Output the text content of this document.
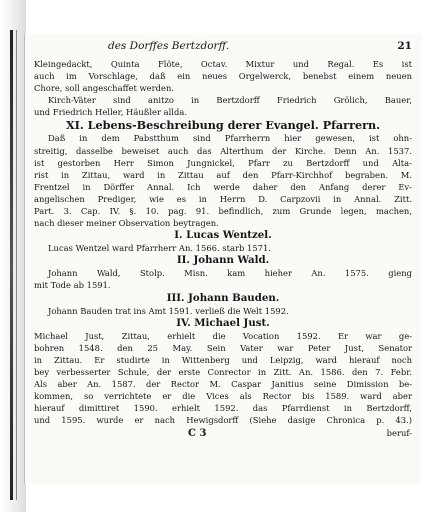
des Dorffes Bertzdorff.	21
Kleingedackt, Quinta Flöte, Octav. Mixtur und Regal. Es ist
auch im Vorschlage, daß ein neues Orgelwerck, benebst einem neuen
Chore, soll angeschaffet werden.
Kirch-Väter sind anitzo in Bertzdorff Friedrich Grölich, Bauer,
und Friedrich Heller, Häußler allda.
XI. Lebens-Beschreibung derer Evangel. Pfarrern.
Daß in dem Pabstthum sind Pfarrherrn hier gewesen, ist ohn-
streitig, dasselbe beweiset auch das Alterthum der Kirche. Denn An. 1537.
ist gestorben Herr Simon Jungnickel, Pfarr zu Bertzdorff und Alta-
rist in Zittau, ward in Zittau auf den Pfarr-Kirchhof begraben. M.
Frentzel in Dörffer Annal. Ich werde daher den Anfang derer Ev-
angelischen Prediger, wie es in Herrn D. Carpzovii in Annal. Zitt.
Part. 3. Cap. IV. §. 10. pag. 91. befindlich, zum Grunde legen, machen,
nach dieser meiner Observation beytragen.
I. Lucas Wentzel.
Lucas Wentzel ward Pfarrherr An. 1566. starb 1571.
II. Johann Wald.
Johann Wald, Stolp. Misn. kam hieher An. 1575. gieng
mit Tode ab 1591.
III. Johann Bauden.
Johann Bauden trat ins Amt 1591. verließ die Welt 1592.
IV. Michael Just.
Michael Just, Zittau, erhielt die Vocation 1592. Er war ge-
bohren 1548. den 25 May. Sein Vater war Peter Just, Senator
in Zittau. Er studirte in Wittenberg und Leipzig, ward hierauf noch
bey verbesserter Schule, der erste Conrector in Zitt. An. 1586. den 7. Febr.
Als aber An. 1587. der Rector M. Caspar Janitius seine Dimission be-
kommen, so verrichtete er die Vices als Rector bis 1589. ward aber
hierauf dimittiret 1590. erhielt 1592. das Pfarrdienst in Bertzdorff,
und 1595. wurde er nach Hewigsdorff (Siehe dasige Chronica p. 43.)
C 3	beruf-
